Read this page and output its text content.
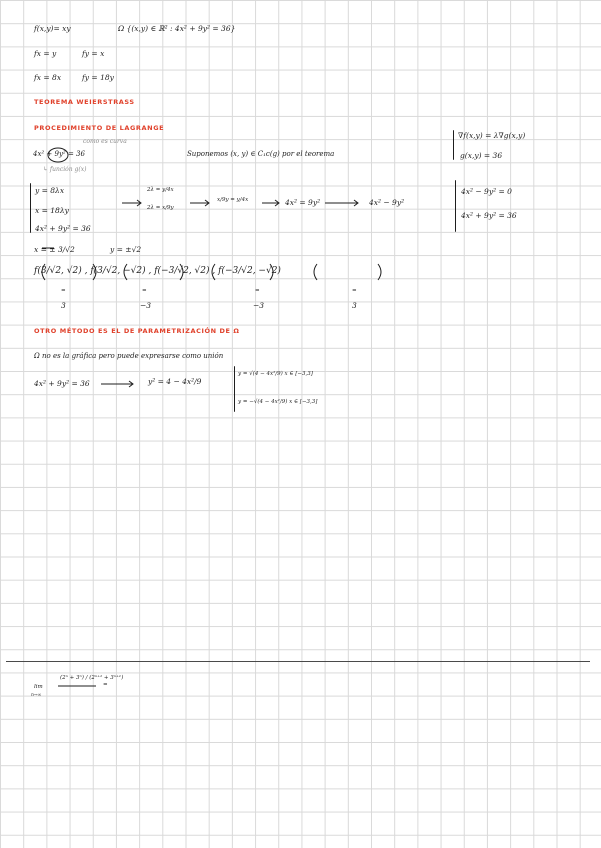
f(x,y)= xy	Ω {(x,y) ∈ ℝ² : 4x² + 9y² = 36}
fx = y	fy = x
fx = 8x	fy = 18y
TEOREMA WEIERSTRASS
PROCEDIMIENTO DE LAGRANGE
4x² + 9y² = 36
como es curva
↳ función g(x)
Suponemos (x, y) ∈ C₁c(g) por el teorema
∇f(x,y) = λ∇g(x,y)
g(x,y) = 36
y = 8λx
x = 18λy
4x² + 9y² = 36
2λ = y/4x
2λ = x/9y
x/9y = y/4x	4x² = 9y²	4x² − 9y²
4x² − 9y² = 0
4x² + 9y² = 36
x = ± 3/√2	y = ±√2
f(3/√2, √2) , f(3/√2, −√2) , f(−3/√2, √2) , f(−3/√2, −√2)
=	=	=	=
3	−3	−3	3
OTRO MÉTODO ES EL DE PARAMETRIZACIÓN DE Ω
Ω no es la gráfica pero puede expresarse como unión
4x² + 9y² = 36	y² = 4 − 4x²/9
y = √(4 − 4x²/9) x ∈ [−3,3]
y = −√(4 − 4x²/9) x ∈ [−3,3]
(2ⁿ + 3ⁿ) / (2ⁿ⁺¹ + 3ⁿ⁺¹)
lim
n→∞
=
